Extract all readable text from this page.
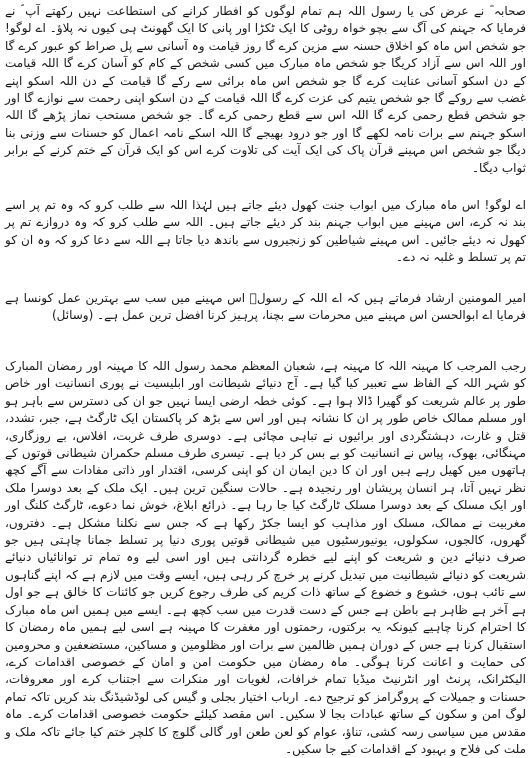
صحابہ ؓ نے عرض کی یا رسول اللہ ہم تمام لوگوں کو افطار کرانے کی استطاعت نہیں رکھتے آپ ؐ نے فرمایا کہ جہنم کی آگ سے بچو خواہ روٹی کا ایک ٹکڑا اور پانی کا ایک گھونٹ ہی کیوں نہ پلاؤ۔ اے لوگو! جو شخص اس ماہ کو اخلاق حسنہ سے مزین کرے گا روز قیامت وہ آسانی سے پل صراط کو عبور کرے گا اور اللہ اس سے آزاد کریگا جو شخص ماہ مبارک میں کسی شخص کے کام کو آسان کرے گا اللہ قیامت کے دن اسکو آسانی عنایت کرے گا جو شخص اس ماہ برائی سے رکے گا قیامت کے دن اللہ اسکو اپنے غضب سے روکے گا جو شخص یتیم کی عزت کرے گا اللہ قیامت کے دن اسکو اپنی رحمت سے نوازے گا اور جو شخص قطع رحمی کرے گا اللہ اس سے قطع رحمی کرے گا۔ جو شخص مستحب نماز پڑھے گا اللہ اسکو جہنم سے برات نامہ لکھے گا اور جو درود بھیجے گا اللہ اسکے نامہ اعمال کو حسنات سے وزنی بنا دیگا جو شخص اس مہینے قرآن پاک کی ایک آیت کی تلاوت کرے اس کو ایک قرآن کے ختم کرنے کے برابر ثواب دیگا۔

اے لوگو! اس ماہ مبارک میں ابواب جنت کھول دیئے جاتے ہیں لہٰذا اللہ سے طلب کرو کہ وہ تم پر اسے بند نہ کرے، اس مہینے میں ابواب جہنم بند کر دیئے جاتے ہیں۔ اللہ سے طلب کرو کہ وہ دروازے تم پر کھول نہ دیئے جائیں۔ اس مہینے شیاطین کو زنجیروں سے باندھ دیا جاتا ہے اللہ سے دعا کرو کہ وہ ان کو تم پر تسلط و غلبہ نہ دے۔

امیر المومنین ارشاد فرماتے ہیں کہ اے اللہ کے رسولؐ اس مہینے میں سب سے بہترین عمل کونسا ہے فرمایا اے ابوالحسن اس مہینے میں محرمات سے بچنا، پرہیز کرنا افضل ترین عمل ہے۔ (وسائل)

رجب المرجب کا مہینہ اللہ کا مہینہ ہے، شعبان المعظم محمد رسول اللہ کا مہینہ اور رمضان المبارک کو شہر اللہ کے الفاظ سے تعبیر کیا گیا ہے۔ آج دنیائے شیطانت اور ابلیسیت نے پوری انسانیت اور خاص طور پر عالم شریعت کو گھیرا ڈالا ہوا ہے۔ کوئی خطہ ارضی ایسا نہیں جو ان کی دسترس سے باہر ہو اور مسلم ممالک خاص طور پر ان کا نشانہ ہیں اور اس سے بڑھ کر پاکستان ایک ٹارگٹ ہے، جبر، تشدد، قتل و غارت، دہشتگردی اور برائیوں نے تباہی مچائی ہے۔ دوسری طرف غربت، افلاس، بے روزگاری، مہنگائی، بھوک، پیاس نے انسانیت کو بے بس کر دیا ہے۔ تیسری طرف مسلم حکمران شیطانی قوتوں کے ہاتھوں میں کھیل رہے ہیں اور ان کا دین ایمان ان کو اپنی کرسی، اقتدار اور ذاتی مفادات سے آگے کچھ نظر نہیں آتا، ہر انسان پریشان اور رنجیدہ ہے۔ حالات سنگین ترین ہیں۔ ایک ملک کے بعد دوسرا ملک اور ایک مسلک کے بعد دوسرا مسلک ٹارگٹ کیا جا رہا ہے۔ ذرائع ابلاغ، خوش نما دعوے، ٹارگٹ کلنگ اور مغربیت نے ممالک، مسلک اور مذاہب کو ایسا جکڑ رکھا ہے کہ جس سے نکلنا مشکل ہے۔ دفتروں، گھروں، کالجوں، سکولوں، یونیورسٹیوں میں شیطانی قوتیں پوری دنیا پر تسلط جمانا چاہتی ہیں جو صرف دنیائے دین و شریعت کو اپنے لیے خطرہ گردانتی ہیں اور اسی لیے وہ تمام تر توانائیاں دنیائے شریعت کو دنیائے شیطانیت میں تبدیل کرنے پر خرچ کر رہی ہیں، ایسے وقت میں لازم ہے کہ اپنے گناہوں سے تائب ہوں، خشوع و خضوع کے ساتھ ذات کریم کی طرف رجوع کریں جو کائنات کا خالق ہے جو اول ہے آخر ہے ظاہر ہے باطن ہے جس کے دست قدرت میں سب کچھ ہے۔ ایسے میں ہمیں اس ماہ مبارک کا احترام کرنا چاہیے کیونکہ یہ برکتوں، رحمتوں اور مغفرت کا مہینہ ہے اسی لیے ہمیں ماہ رمضان کا استقبال کرنا ہے جس کے دوران ہمیں ظالمین سے برات اور مظلومین و مساکین، مستضعفین و محرومین کی حمایت و اعانت کرنا ہوگی۔ ماہ رمضان میں حکومت امن و امان کے خصوصی اقدامات کرے، الیکٹرانک، پرنٹ اور انٹرنیٹ میڈیا تمام خرافات، لغویات اور منکرات سے اجتناب کرے اور معروفات، حسنات و جمیلات کے پروگرامز کو ترجیح دے۔ ارباب اختیار بجلی و گیس کی لوڈشیڈنگ بند کریں تاکہ تمام لوگ امن و سکون کے ساتھ عبادات بجا لا سکیں۔ اس مقصد کیلئے حکومت خصوصی اقدامات کرے۔ ماہ مقدس میں سیاسی رسہ کشی، تناؤ، عوام کو لعن طعن اور گالی گلوچ کا کلچر ختم کیا جائے تاکہ ملک و ملت کی فلاح و بہبود کے اقدامات کیے جا سکیں۔
